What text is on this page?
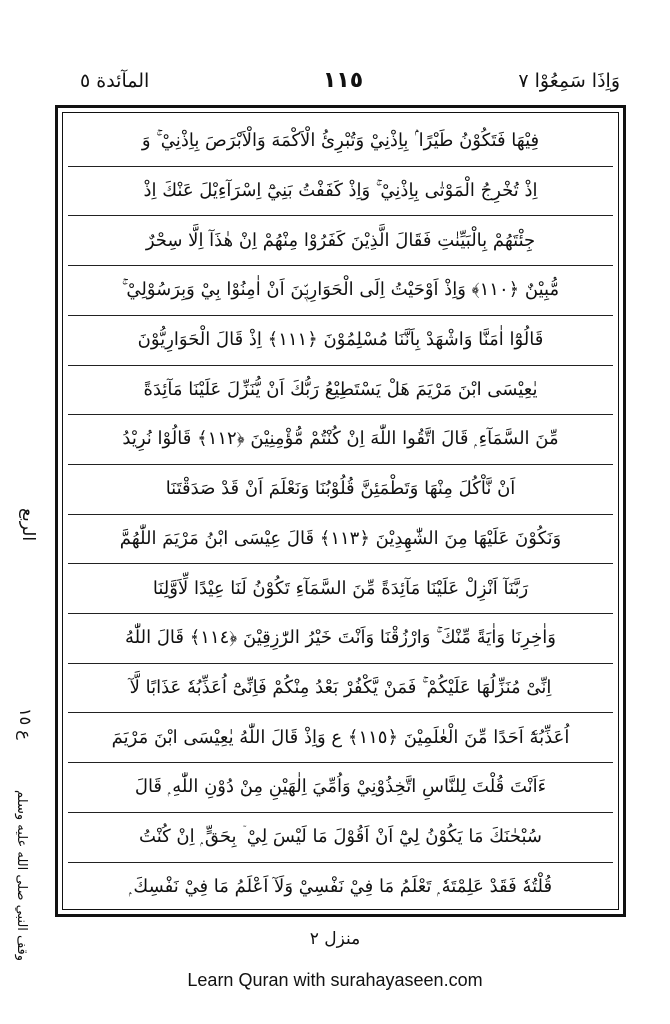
وَاِذَا سَمِعُوْا ٧
١١٥
المآئدة ٥
فِيْهَا فَتَكُوْنُ طَيْرًا ۢ بِاِذْنِيْ وَتُبْرِئُ الْاَكْمَهَ وَالْاَبْرَصَ بِاِذْنِيْ ۚ وَ
اِذْ تُخْرِجُ الْمَوْتٰى بِاِذْنِيْ ۚ وَاِذْ كَفَفْتُ بَنِيْٓ اِسْرَآءِيْلَ عَنْكَ اِذْ
جِئْتَهُمْ بِالْبَيِّنٰتِ فَقَالَ الَّذِيْنَ كَفَرُوْا مِنْهُمْ اِنْ هٰذَآ اِلَّا سِحْرٌ
مُّبِيْنٌ ﴿١١٠﴾ وَاِذْ اَوْحَيْتُ اِلَى الْحَوَارِيّٖنَ اَنْ اٰمِنُوْا بِيْ وَبِرَسُوْلِيْ ۚ
قَالُوْٓا اٰمَنَّا وَاشْهَدْ بِاَنَّنَا مُسْلِمُوْنَ ﴿١١١﴾ اِذْ قَالَ الْحَوَارِيُّوْنَ
يٰعِيْسَى ابْنَ مَرْيَمَ هَلْ يَسْتَطِيْعُ رَبُّكَ اَنْ يُّنَزِّلَ عَلَيْنَا مَآئِدَةً
مِّنَ السَّمَآءِ ۭ قَالَ اتَّقُوا اللّٰهَ اِنْ كُنْتُمْ مُّؤْمِنِيْنَ ﴿١١٢﴾ قَالُوْا نُرِيْدُ
اَنْ نَّاْكُلَ مِنْهَا وَتَطْمَئِنَّ قُلُوْبُنَا وَنَعْلَمَ اَنْ قَدْ صَدَقْتَنَا
وَنَكُوْنَ عَلَيْهَا مِنَ الشّٰهِدِيْنَ ﴿١١٣﴾ قَالَ عِيْسَى ابْنُ مَرْيَمَ اللّٰهُمَّ
رَبَّنَآ اَنْزِلْ عَلَيْنَا مَآئِدَةً مِّنَ السَّمَآءِ تَكُوْنُ لَنَا عِيْدًا لِّاَوَّلِنَا
وَاٰخِرِنَا وَاٰيَةً مِّنْكَ ۚ وَارْزُقْنَا وَاَنْتَ خَيْرُ الرّٰزِقِيْنَ ﴿١١٤﴾ قَالَ اللّٰهُ
اِنِّىْ مُنَزِّلُهَا عَلَيْكُمْ ۚ فَمَنْ يَّكْفُرْ بَعْدُ مِنْكُمْ فَاِنِّىْٓ اُعَذِّبُهٗ عَذَابًا لَّآ
اُعَذِّبُهٗٓ اَحَدًا مِّنَ الْعٰلَمِيْنَ ﴿١١٥﴾ ع وَاِذْ قَالَ اللّٰهُ يٰعِيْسَى ابْنَ مَرْيَمَ
ءَاَنْتَ قُلْتَ لِلنَّاسِ اتَّخِذُوْنِيْ وَاُمِّيَ اِلٰهَيْنِ مِنْ دُوْنِ اللّٰهِ ۭ قَالَ
سُبْحٰنَكَ مَا يَكُوْنُ لِيْٓ اَنْ اَقُوْلَ مَا لَيْسَ لِيْ ۤ بِحَقٍّ ۭ اِنْ كُنْتُ
قُلْتُهٗ فَقَدْ عَلِمْتَهٗ ۭ تَعْلَمُ مَا فِيْ نَفْسِيْ وَلَآ اَعْلَمُ مَا فِيْ نَفْسِكَ ۭ
الربع
ع ١٥
وقف النبي صلى الله عليه وسلم	منزل ٢
Learn Quran with surahayaseen.com
